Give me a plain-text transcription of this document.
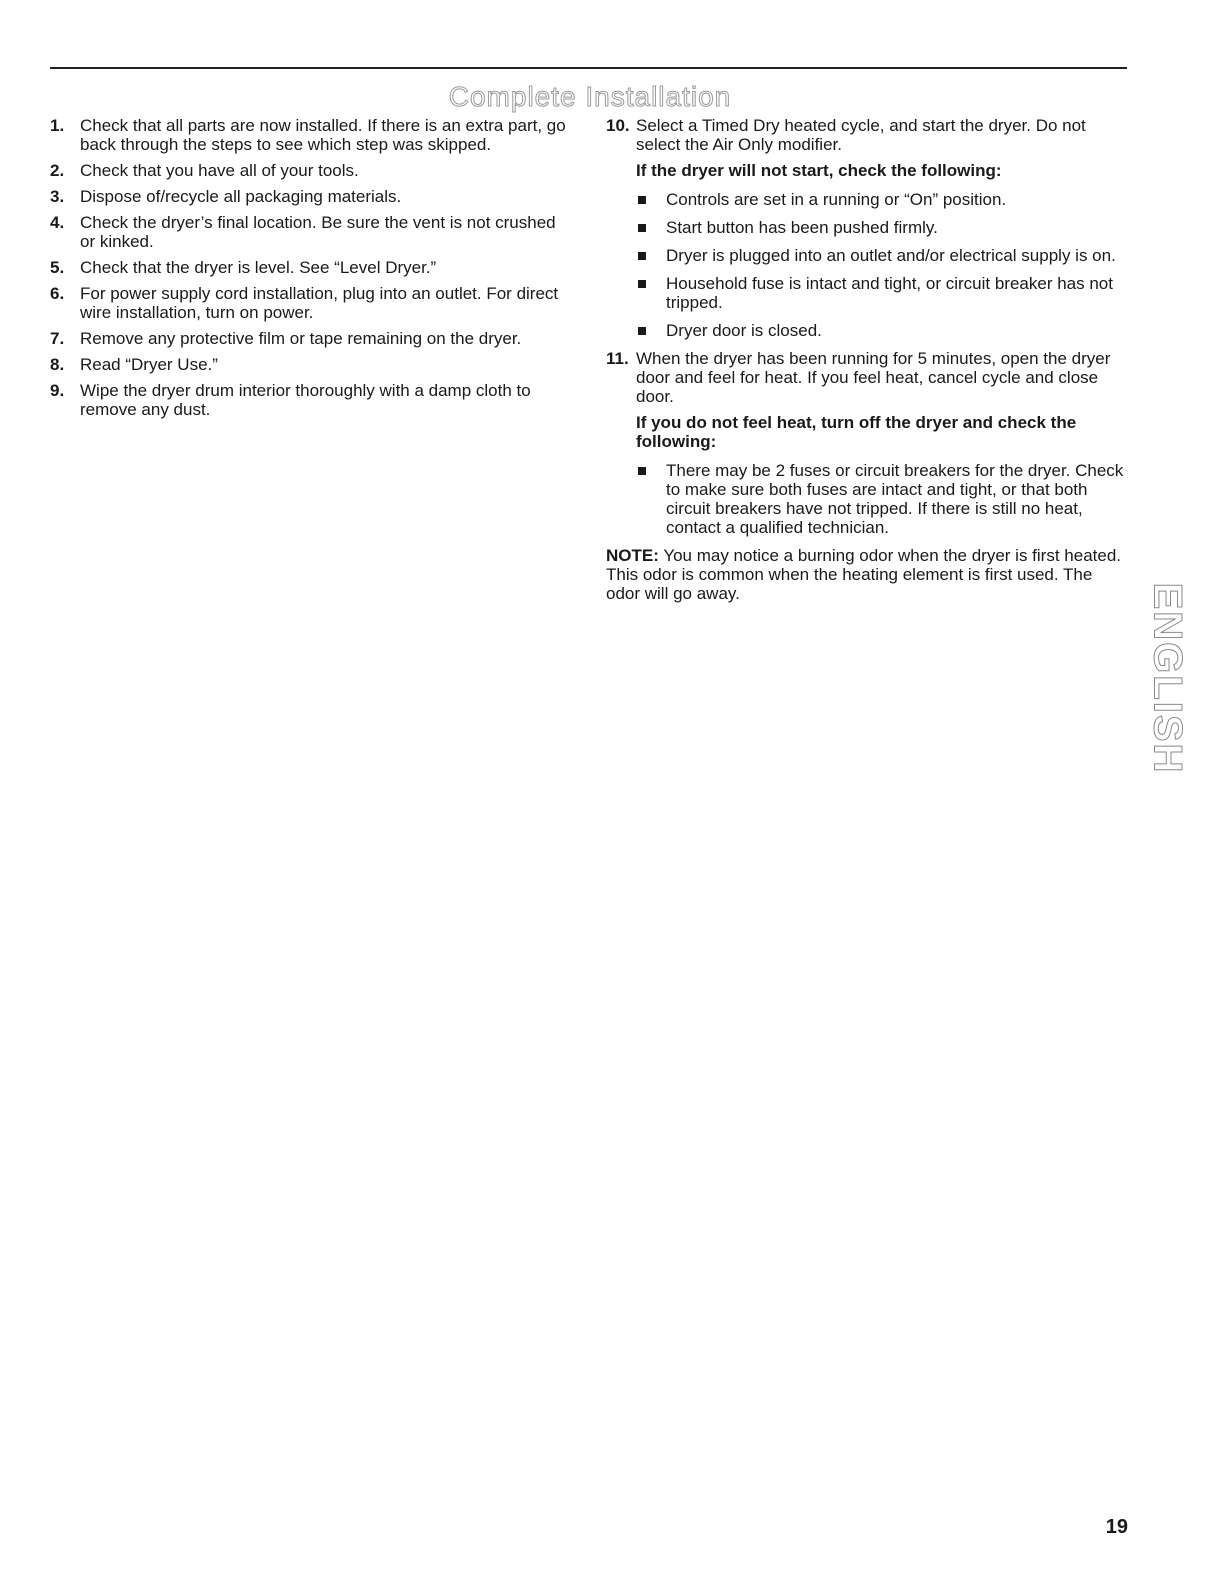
Complete Installation
1. Check that all parts are now installed. If there is an extra part, go back through the steps to see which step was skipped.
2. Check that you have all of your tools.
3. Dispose of/recycle all packaging materials.
4. Check the dryer’s final location. Be sure the vent is not crushed or kinked.
5. Check that the dryer is level. See “Level Dryer.”
6. For power supply cord installation, plug into an outlet. For direct wire installation, turn on power.
7. Remove any protective film or tape remaining on the dryer.
8. Read “Dryer Use.”
9. Wipe the dryer drum interior thoroughly with a damp cloth to remove any dust.
10. Select a Timed Dry heated cycle, and start the dryer. Do not select the Air Only modifier.
If the dryer will not start, check the following:
Controls are set in a running or “On” position.
Start button has been pushed firmly.
Dryer is plugged into an outlet and/or electrical supply is on.
Household fuse is intact and tight, or circuit breaker has not tripped.
Dryer door is closed.
11. When the dryer has been running for 5 minutes, open the dryer door and feel for heat. If you feel heat, cancel cycle and close door.
If you do not feel heat, turn off the dryer and check the following:
There may be 2 fuses or circuit breakers for the dryer. Check to make sure both fuses are intact and tight, or that both circuit breakers have not tripped. If there is still no heat, contact a qualified technician.
NOTE: You may notice a burning odor when the dryer is first heated. This odor is common when the heating element is first used. The odor will go away.	ENGLISH
19
